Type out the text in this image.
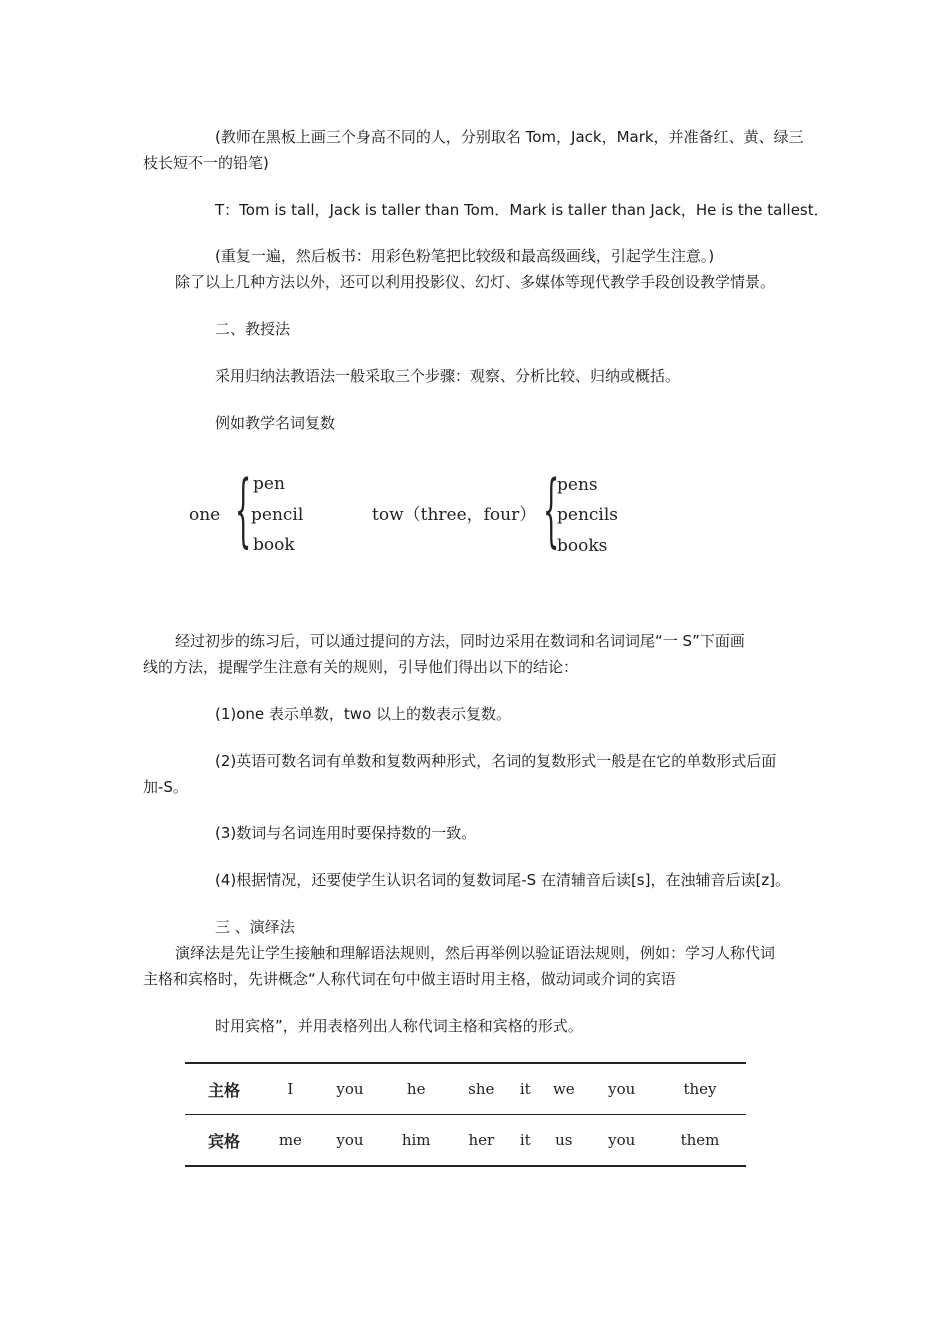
(教师在黑板上画三个身高不同的人，分别取名 Tom，Jack，Mark，并准备红、黄、绿三
枝长短不一的铅笔)
T：Tom is tall，Jack is taller than Tom．Mark is taller than Jack，He is the tallest．
(重复一遍，然后板书：用彩色粉笔把比较级和最高级画线，引起学生注意。)
除了以上几种方法以外，还可以利用投影仪、幻灯、多媒体等现代教学手段创设教学情景。
二、教授法
采用归纳法教语法一般采取三个步骤：观察、分析比较、归纳或概括。
例如教学名词复数
one { pen
pencil
book
tow（three，four） {
pens
pencils
books
经过初步的练习后，可以通过提问的方法，同时边采用在数词和名词词尾“一 S”下面画
线的方法，提醒学生注意有关的规则，引导他们得出以下的结论：
(1)one 表示单数，two 以上的数表示复数。
(2)英语可数名词有单数和复数两种形式，名词的复数形式一般是在它的单数形式后面
加-S。
(3)数词与名词连用时要保持数的一致。
(4)根据情况，还要使学生认识名词的复数词尾-S 在清辅音后读[s]，在浊辅音后读[z]。
三 、演绎法
演绎法是先让学生接触和理解语法规则，然后再举例以验证语法规则，例如：学习人称代词
主格和宾格时，先讲概念“人称代词在句中做主语时用主格，做动词或介词的宾语
时用宾格”，并用表格列出人称代词主格和宾格的形式。
主格	I	you	he	she	it	we	you	they
宾格	me	you	him	her	it	us	you	them
